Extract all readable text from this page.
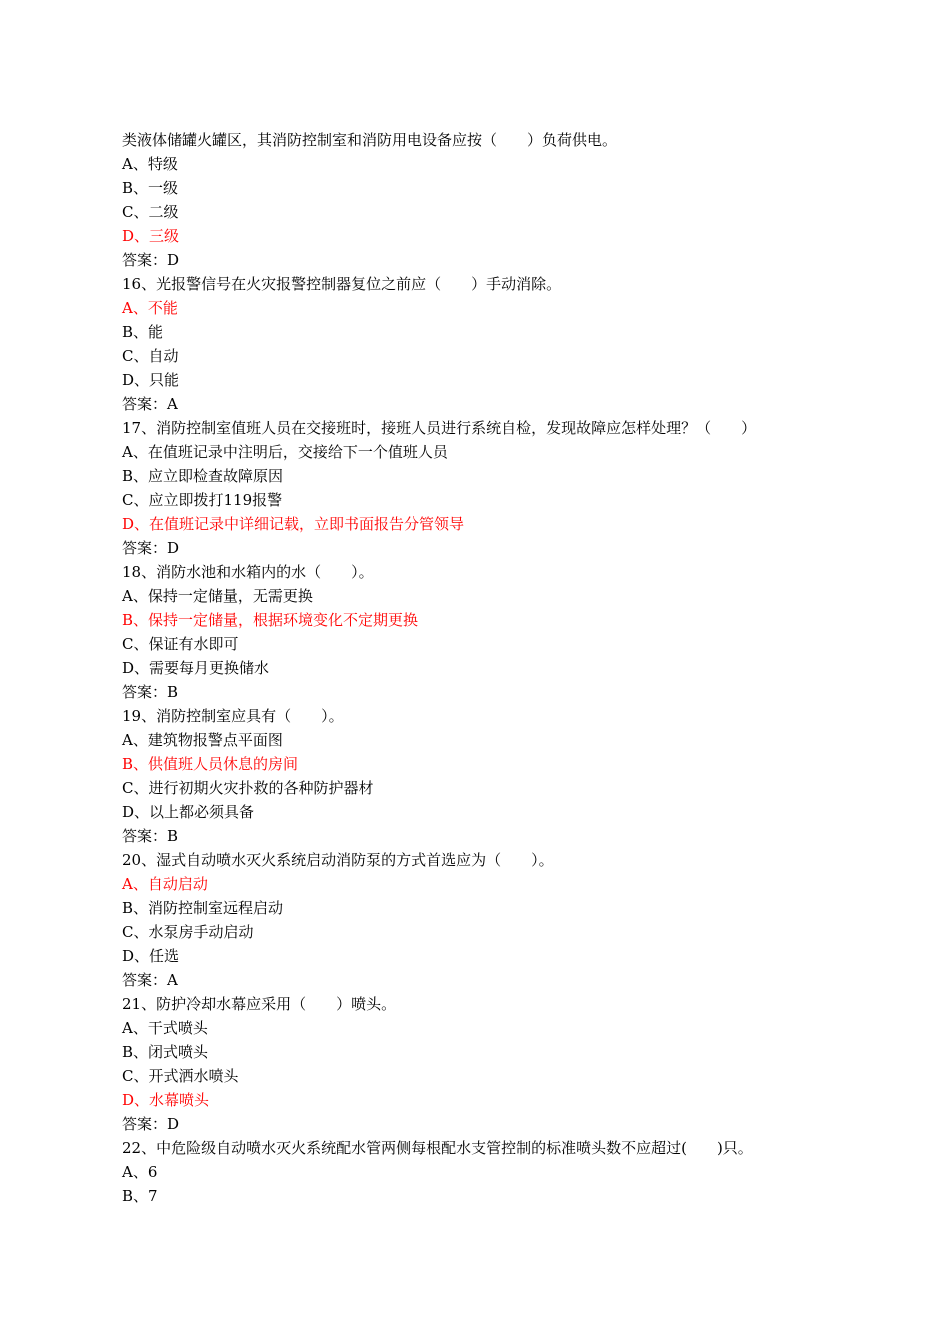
类液体储罐火罐区，其消防控制室和消防用电设备应按（　　）负荷供电。
A、特级
B、一级
C、二级
D、三级
答案：D
16、光报警信号在火灾报警控制器复位之前应（　　）手动消除。
A、不能
B、能
C、自动
D、只能
答案：A
17、消防控制室值班人员在交接班时，接班人员进行系统自检，发现故障应怎样处理？（　　）
A、在值班记录中注明后，交接给下一个值班人员
B、应立即检查故障原因
C、应立即拨打119报警
D、在值班记录中详细记载，立即书面报告分管领导
答案：D
18、消防水池和水箱内的水（　　）。
A、保持一定储量，无需更换
B、保持一定储量，根据环境变化不定期更换
C、保证有水即可
D、需要每月更换储水
答案：B
19、消防控制室应具有（　　）。
A、建筑物报警点平面图
B、供值班人员休息的房间
C、进行初期火灾扑救的各种防护器材
D、以上都必须具备
答案：B
20、湿式自动喷水灭火系统启动消防泵的方式首选应为（　　）。
A、自动启动
B、消防控制室远程启动
C、水泵房手动启动
D、任选
答案：A
21、防护冷却水幕应采用（　　）喷头。
A、干式喷头
B、闭式喷头
C、开式洒水喷头
D、水幕喷头
答案：D
22、中危险级自动喷水灭火系统配水管两侧每根配水支管控制的标准喷头数不应超过(　　)只。
A、6
B、7
